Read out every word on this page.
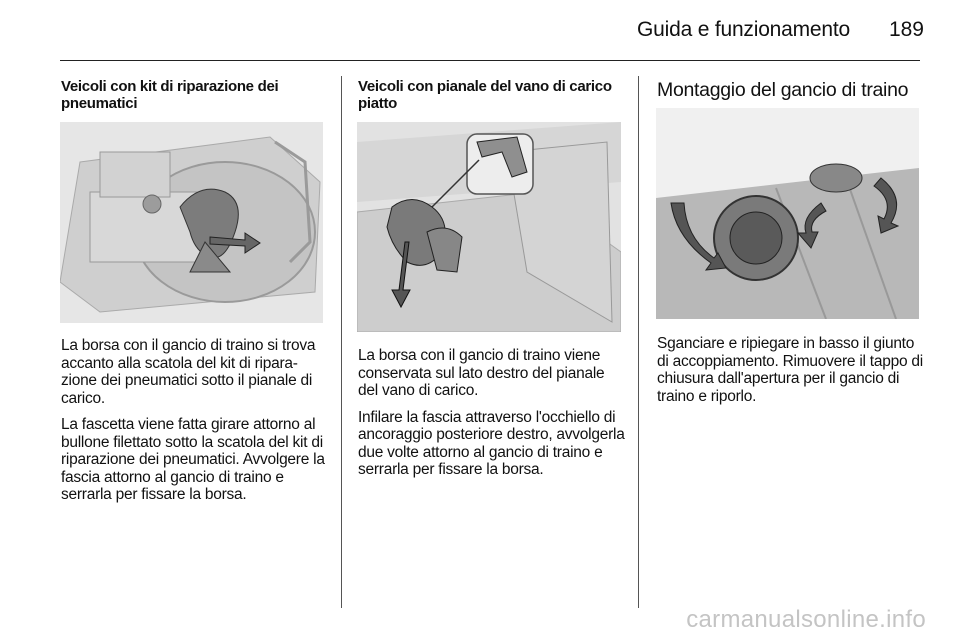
Guida e funzionamento	189

Veicoli con kit di riparazione dei pneumatici

La borsa con il gancio di traino si trova accanto alla scatola del kit di riparazione dei pneumatici sotto il pianale di carico.

La fascetta viene fatta girare attorno al bullone filettato sotto la scatola del kit di riparazione dei pneumatici. Avvolgere la fascia attorno al gancio di traino e serrarla per fissare la borsa.

Veicoli con pianale del vano di carico piatto

La borsa con il gancio di traino viene conservata sul lato destro del pianale del vano di carico.

Infilare la fascia attraverso l'occhiello di ancoraggio posteriore destro, avvolgerla due volte attorno al gancio di traino e serrarla per fissare la borsa.

Montaggio del gancio di traino

Sganciare e ripiegare in basso il giunto di accoppiamento. Rimuovere il tappo di chiusura dall'apertura per il gancio di traino e riporlo.

carmanualsonline.info
